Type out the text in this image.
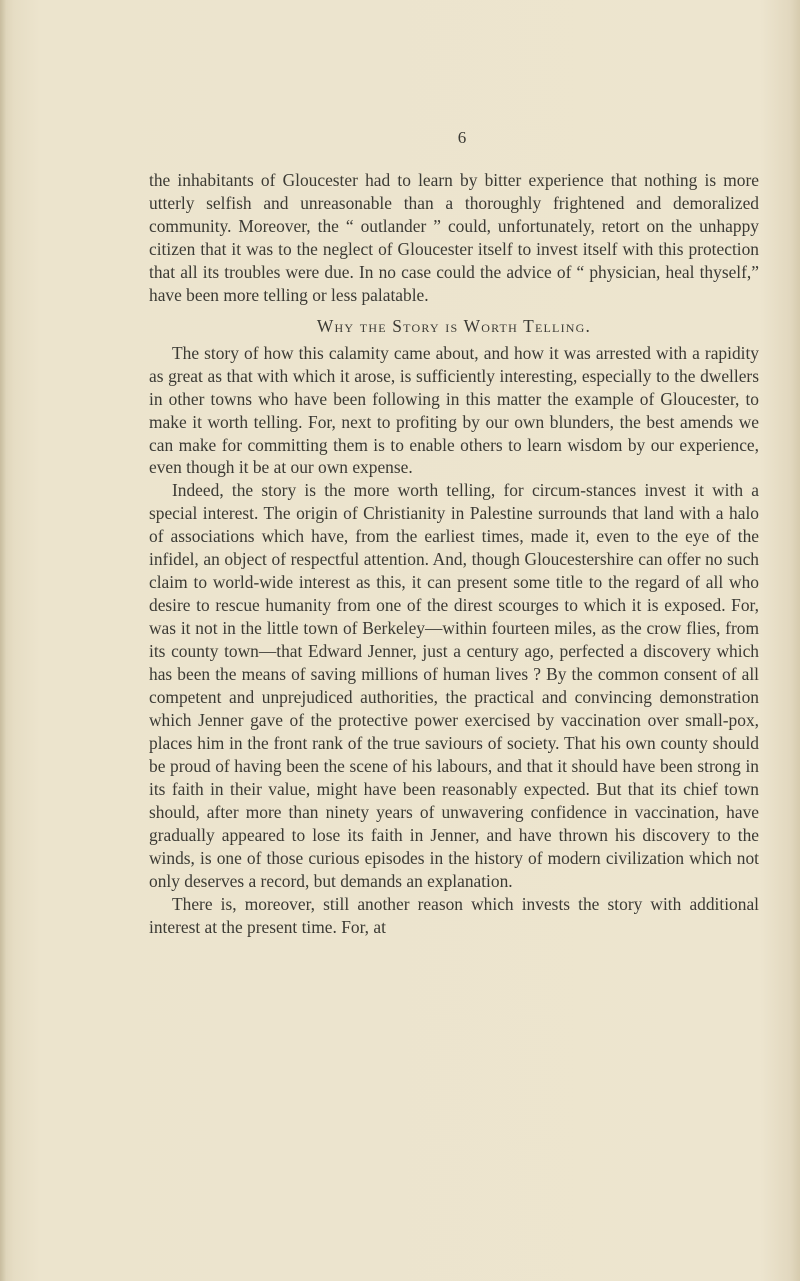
6

the inhabitants of Gloucester had to learn by bitter experience that nothing is more utterly selfish and unreasonable than a thoroughly frightened and demoralized community. Moreover, the “ outlander ” could, unfortunately, retort on the unhappy citizen that it was to the neglect of Gloucester itself to invest itself with this protection that all its troubles were due. In no case could the advice of “ physician, heal thyself,” have been more telling or less palatable.

Why the Story is Worth Telling.

The story of how this calamity came about, and how it was arrested with a rapidity as great as that with which it arose, is sufficiently interesting, especially to the dwellers in other towns who have been following in this matter the example of Gloucester, to make it worth telling. For, next to profiting by our own blunders, the best amends we can make for committing them is to enable others to learn wisdom by our experience, even though it be at our own expense.

Indeed, the story is the more worth telling, for circum-stances invest it with a special interest. The origin of Christianity in Palestine surrounds that land with a halo of associations which have, from the earliest times, made it, even to the eye of the infidel, an object of respectful attention. And, though Gloucestershire can offer no such claim to world-wide interest as this, it can present some title to the regard of all who desire to rescue humanity from one of the direst scourges to which it is exposed. For, was it not in the little town of Berkeley—within fourteen miles, as the crow flies, from its county town—that Edward Jenner, just a century ago, perfected a discovery which has been the means of saving millions of human lives ? By the common consent of all competent and unprejudiced authorities, the practical and convincing demonstration which Jenner gave of the protective power exercised by vaccination over small-pox, places him in the front rank of the true saviours of society. That his own county should be proud of having been the scene of his labours, and that it should have been strong in its faith in their value, might have been reasonably expected. But that its chief town should, after more than ninety years of unwavering confidence in vaccination, have gradually appeared to lose its faith in Jenner, and have thrown his discovery to the winds, is one of those curious episodes in the history of modern civilization which not only deserves a record, but demands an explanation.

There is, moreover, still another reason which invests the story with additional interest at the present time. For, at
